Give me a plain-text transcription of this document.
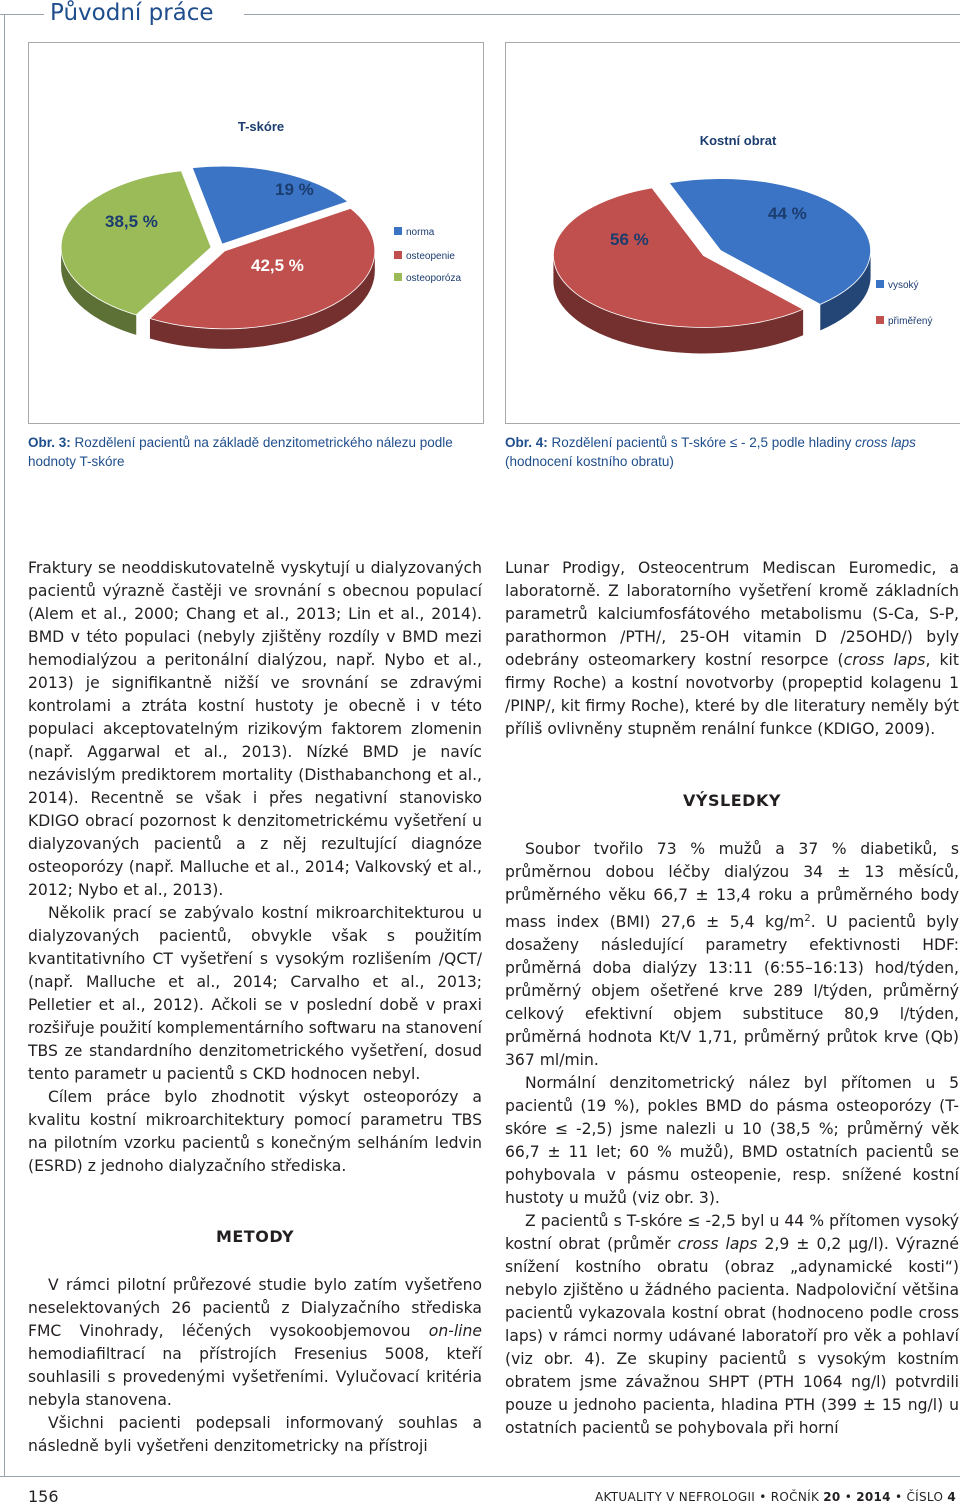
Původní práce
T-skóre
19 %
42,5 %
38,5 %
norma
osteopenie
osteoporóza
Obr. 3: Rozdělení pacientů na základě denzitometrického nálezu podle hodnoty T-skóre
Kostní obrat
44 %
56 %
vysoký
přiměřený
Obr. 4: Rozdělení pacientů s T-skóre ≤ - 2,5 podle hladiny cross laps
(hodnocení kostního obratu)

Fraktury se neoddiskutovatelně vyskytují u dialyzovaných pacientů výrazně častěji ve srovnání s obecnou populací (Alem et al., 2000; Chang et al., 2013; Lin et al., 2014). BMD v této populaci (nebyly zjištěny rozdíly v BMD mezi hemodialýzou a peritonální dialýzou, např. Nybo et al., 2013) je signifikantně nižší ve srovnání se zdravými kontrolami a ztráta kostní hustoty je obecně i v této populaci akceptovatelným rizikovým faktorem zlomenin (např. Aggarwal et al., 2013). Nízké BMD je navíc nezávislým prediktorem mortality (Disthabanchong et al., 2014). Recentně se však i přes negativní stanovisko KDIGO obrací pozornost k denzitometrickému vyšetření u dialyzovaných pacientů a z něj rezultující diagnóze osteoporózy (např. Malluche et al., 2014; Valkovský et al., 2012; Nybo et al., 2013).

Několik prací se zabývalo kostní mikroarchitekturou u dialyzovaných pacientů, obvykle však s použitím kvantitativního CT vyšetření s vysokým rozlišením /QCT/ (např. Malluche et al., 2014; Carvalho et al., 2013; Pelletier et al., 2012). Ačkoli se v poslední době v praxi rozšiřuje použití komplementárního softwaru na stanovení TBS ze standardního denzitometrického vyšetření, dosud tento parametr u pacientů s CKD hodnocen nebyl.

Cílem práce bylo zhodnotit výskyt osteoporózy a kvalitu kostní mikroarchitektury pomocí parametru TBS na pilotním vzorku pacientů s konečným selháním ledvin (ESRD) z jednoho dialyzačního střediska.

METODY

V rámci pilotní průřezové studie bylo zatím vyšetřeno neselektovaných 26 pacientů z Dialyzačního střediska FMC Vinohrady, léčených vysokoobjemovou on-line hemodiafiltrací na přístrojích Fresenius 5008, kteří souhlasili s provedenými vyšetřeními. Vylučovací kritéria nebyla stanovena.

Všichni pacienti podepsali informovaný souhlas a následně byli vyšetřeni denzitometricky na přístroji

Lunar Prodigy, Osteocentrum Mediscan Euromedic, a laboratorně. Z laboratorního vyšetření kromě základních parametrů kalciumfosfátového metabolismu (S-Ca, S-P, parathormon /PTH/, 25-OH vitamin D /25OHD/) byly odebrány osteomarkery kostní resorpce (cross laps, kit firmy Roche) a kostní novotvorby (propeptid kolagenu 1 /PINP/, kit firmy Roche), které by dle literatury neměly být příliš ovlivněny stupněm renální funkce (KDIGO, 2009).

VÝSLEDKY

Soubor tvořilo 73 % mužů a 37 % diabetiků, s průměrnou dobou léčby dialýzou 34 ± 13 měsíců, průměrného věku 66,7 ± 13,4 roku a průměrného body mass index (BMI) 27,6 ± 5,4 $kg/m^2$. U pacientů byly dosaženy následující parametry efektivnosti HDF: průměrná doba dialýzy 13:11 (6:55–16:13) hod/týden, průměrný objem ošetřené krve 289 l/týden, průměrný celkový efektivní objem substituce 80,9 l/týden, průměrná hodnota Kt/V 1,71, průměrný průtok krve (Qb) 367 ml/min.

Normální denzitometrický nález byl přítomen u 5 pacientů (19 %), pokles BMD do pásma osteoporózy (T-skóre ≤ -2,5) jsme nalezli u 10 (38,5 %; průměrný věk 66,7 ± 11 let; 60 % mužů), BMD ostatních pacientů se pohybovala v pásmu osteopenie, resp. snížené kostní hustoty u mužů (viz obr. 3).

Z pacientů s T-skóre ≤ -2,5 byl u 44 % přítomen vysoký kostní obrat (průměr cross laps 2,9 ± 0,2 μg/l). Výrazné snížení kostního obratu (obraz „adynamické kosti“) nebylo zjištěno u žádného pacienta. Nadpoloviční většina pacientů vykazovala kostní obrat (hodnoceno podle cross laps) v rámci normy udávané laboratoří pro věk a pohlaví (viz obr. 4). Ze skupiny pacientů s vysokým kostním obratem jsme závažnou SHPT (PTH 1064 ng/l) potvrdili pouze u jednoho pacienta, hladina PTH (399 ± 15 ng/l) u ostatních pacientů se pohybovala při horní

156	AKTUALITY V NEFROLOGII • ROČNÍK 20 • 2014 • ČÍSLO 4
